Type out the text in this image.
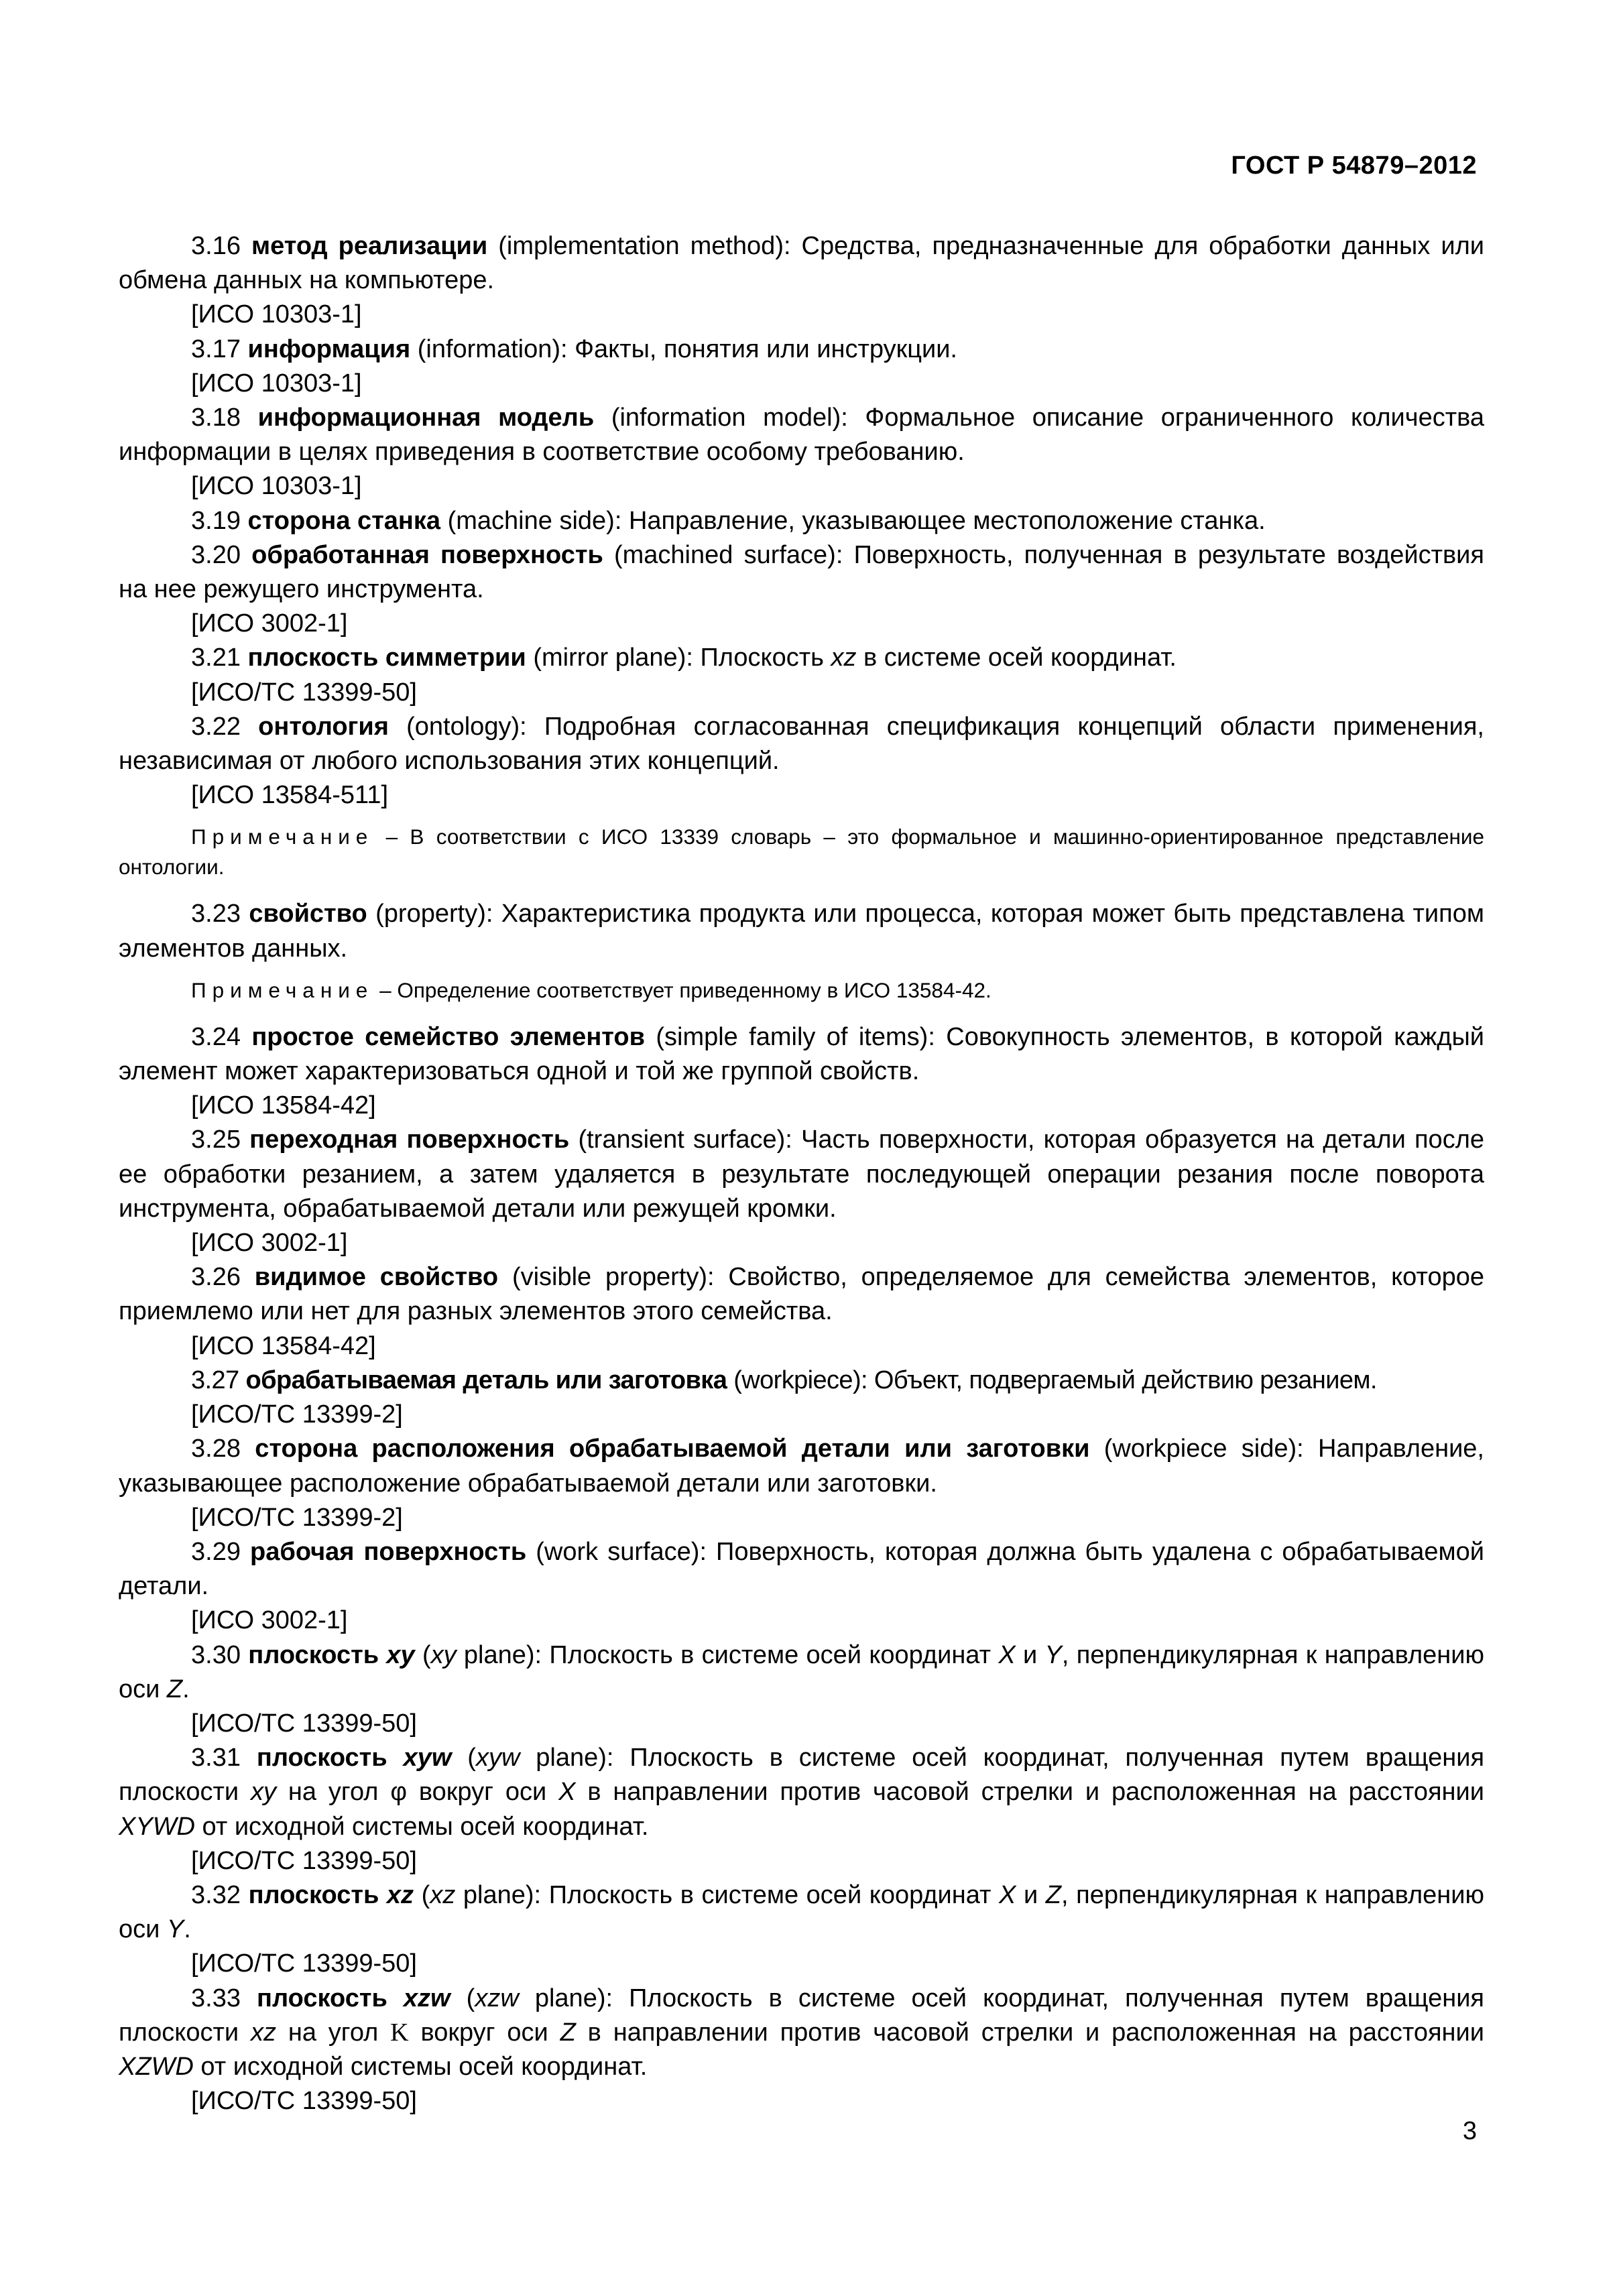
ГОСТ Р 54879–2012

3.16 метод реализации (implementation method): Средства, предназначенные для обработки данных или обмена данных на компьютере.

[ИСО 10303-1]

3.17 информация (information): Факты, понятия или инструкции.

[ИСО 10303-1]

3.18 информационная модель (information model): Формальное описание ограниченного количества информации в целях приведения в соответствие особому требованию.

[ИСО 10303-1]

3.19 сторона станка (machine side): Направление, указывающее местоположение станка.

3.20 обработанная поверхность (machined surface): Поверхность, полученная в результате воздействия на нее режущего инструмента.

[ИСО 3002-1]

3.21 плоскость симметрии (mirror plane): Плоскость xz в системе осей координат.

[ИСО/ТС 13399-50]

3.22 онтология (ontology): Подробная согласованная спецификация концепций области применения, независимая от любого использования этих концепций.

[ИСО 13584-511]

Примечание – В соответствии с ИСО 13339 словарь – это формальное и машинно-ориентированное представление онтологии.

3.23 свойство (property): Характеристика продукта или процесса, которая может быть представлена типом элементов данных.

Примечание – Определение соответствует приведенному в ИСО 13584-42.

3.24 простое семейство элементов (simple family of items): Совокупность элементов, в которой каждый элемент может характеризоваться одной и той же группой свойств.

[ИСО 13584-42]

3.25 переходная поверхность (transient surface): Часть поверхности, которая образуется на детали после ее обработки резанием, а затем удаляется в результате последующей операции резания после поворота инструмента, обрабатываемой детали или режущей кромки.

[ИСО 3002-1]

3.26 видимое свойство (visible property): Свойство, определяемое для семейства элементов, которое приемлемо или нет для разных элементов этого семейства.

[ИСО 13584-42]

3.27 обрабатываемая деталь или заготовка (workpiece): Объект, подвергаемый действию резанием.

[ИСО/ТС 13399-2]

3.28 сторона расположения обрабатываемой детали или заготовки (workpiece side): Направление, указывающее расположение обрабатываемой детали или заготовки.

[ИСО/ТС 13399-2]

3.29 рабочая поверхность (work surface): Поверхность, которая должна быть удалена с обрабатываемой детали.

[ИСО 3002-1]

3.30 плоскость xy (xy plane): Плоскость в системе осей координат X и Y, перпендикулярная к направлению оси Z.

[ИСО/ТС 13399-50]

3.31 плоскость xyw (xyw plane): Плоскость в системе осей координат, полученная путем вращения плоскости xy на угол φ вокруг оси X в направлении против часовой стрелки и расположенная на расстоянии XYWD от исходной системы осей координат.

[ИСО/ТС 13399-50]

3.32 плоскость xz (xz plane): Плоскость в системе осей координат X и Z, перпендикулярная к направлению оси Y.

[ИСО/ТС 13399-50]

3.33 плоскость xzw (xzw plane): Плоскость в системе осей координат, полученная путем вращения плоскости xz на угол K вокруг оси Z в направлении против часовой стрелки и расположенная на расстоянии XZWD от исходной системы осей координат.

[ИСО/ТС 13399-50]

3
